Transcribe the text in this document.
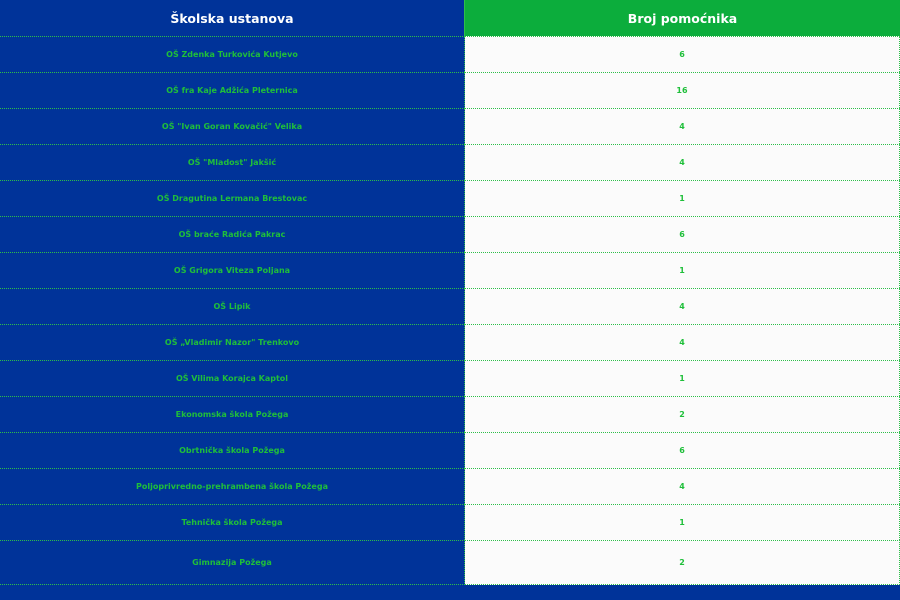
Školska ustanova	Broj pomoćnika
OŠ Zdenka Turkovića Kutjevo	6
OŠ fra Kaje Adžića Pleternica	16
OŠ "Ivan Goran Kovačić" Velika	4
OŠ "Mladost" Jakšić	4
OŠ Dragutina Lermana Brestovac	1
OŠ braće Radića Pakrac	6
OŠ Grigora Viteza Poljana	1
OŠ Lipik	4
OŠ „Vladimir Nazor" Trenkovo	4
OŠ Vilima Korajca Kaptol	1
Ekonomska škola Požega	2
Obrtnička škola Požega	6
Poljoprivredno-prehrambena škola Požega	4
Tehnička škola Požega	1
Gimnazija Požega	2
